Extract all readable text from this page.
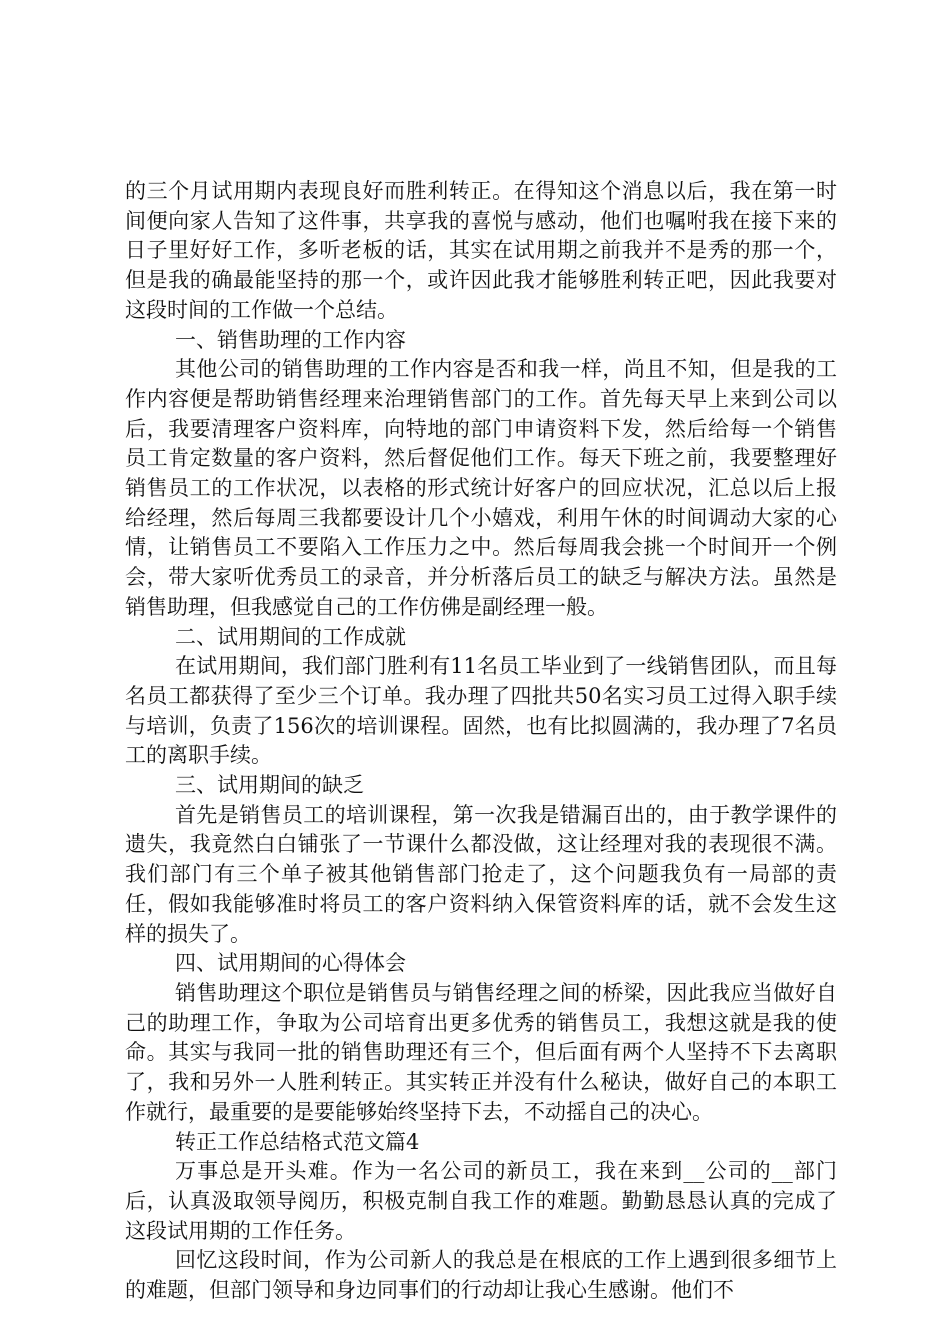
的三个月试用期内表现良好而胜利转正。在得知这个消息以后，我在第一时间便向家人告知了这件事，共享我的喜悦与感动，他们也嘱咐我在接下来的日子里好好工作，多听老板的话，其实在试用期之前我并不是秀的那一个，但是我的确最能坚持的那一个，或许因此我才能够胜利转正吧，因此我要对这段时间的工作做一个总结。

一、销售助理的工作内容

其他公司的销售助理的工作内容是否和我一样，尚且不知，但是我的工作内容便是帮助销售经理来治理销售部门的工作。首先每天早上来到公司以后，我要清理客户资料库，向特地的部门申请资料下发，然后给每一个销售员工肯定数量的客户资料，然后督促他们工作。每天下班之前，我要整理好销售员工的工作状况，以表格的形式统计好客户的回应状况，汇总以后上报给经理，然后每周三我都要设计几个小嬉戏，利用午休的时间调动大家的心情，让销售员工不要陷入工作压力之中。然后每周我会挑一个时间开一个例会，带大家听优秀员工的录音，并分析落后员工的缺乏与解决方法。虽然是销售助理，但我感觉自己的工作仿佛是副经理一般。

二、试用期间的工作成就

在试用期间，我们部门胜利有11名员工毕业到了一线销售团队，而且每名员工都获得了至少三个订单。我办理了四批共50名实习员工过得入职手续与培训，负责了156次的培训课程。固然，也有比拟圆满的，我办理了7名员工的离职手续。

三、试用期间的缺乏

首先是销售员工的培训课程，第一次我是错漏百出的，由于教学课件的遗失，我竟然白白铺张了一节课什么都没做，这让经理对我的表现很不满。我们部门有三个单子被其他销售部门抢走了，这个问题我负有一局部的责任，假如我能够准时将员工的客户资料纳入保管资料库的话，就不会发生这样的损失了。

四、试用期间的心得体会

销售助理这个职位是销售员与销售经理之间的桥梁，因此我应当做好自己的助理工作，争取为公司培育出更多优秀的销售员工，我想这就是我的使命。其实与我同一批的销售助理还有三个，但后面有两个人坚持不下去离职了，我和另外一人胜利转正。其实转正并没有什么秘诀，做好自己的本职工作就行，最重要的是要能够始终坚持下去，不动摇自己的决心。

转正工作总结格式范文篇4

万事总是开头难。作为一名公司的新员工，我在来到__公司的__部门后，认真汲取领导阅历，积极克制自我工作的难题。勤勤恳恳认真的完成了这段试用期的工作任务。

回忆这段时间，作为公司新人的我总是在根底的工作上遇到很多细节上的难题，但部门领导和身边同事们的行动却让我心生感谢。他们不
